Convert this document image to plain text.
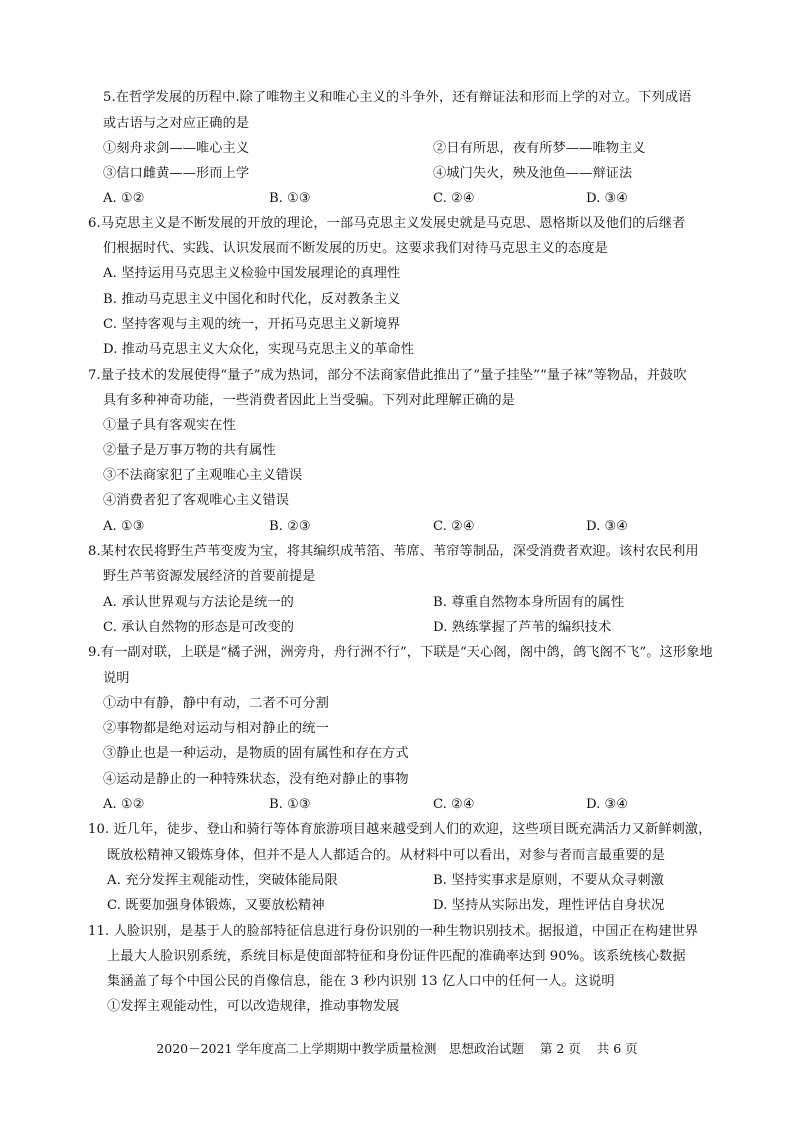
5.在哲学发展的历程中.除了唯物主义和唯心主义的斗争外，还有辩证法和形而上学的对立。下列成语
或古语与之对应正确的是
①刻舟求剑——唯心主义	②日有所思，夜有所梦——唯物主义
③信口雌黄——形而上学	④城门失火，殃及池鱼——辩证法
A. ①②	B. ①③	C. ②④	D. ③④
6.马克思主义是不断发展的开放的理论，一部马克思主义发展史就是马克思、恩格斯以及他们的后继者
们根据时代、实践、认识发展而不断发展的历史。这要求我们对待马克思主义的态度是
A. 坚持运用马克思主义检验中国发展理论的真理性
B. 推动马克思主义中国化和时代化，反对教条主义
C. 坚持客观与主观的统一，开拓马克思主义新境界
D. 推动马克思主义大众化，实现马克思主义的革命性
7.量子技术的发展使得“量子”成为热词，部分不法商家借此推出了“量子挂坠”“量子袜”等物品，并鼓吹
具有多种神奇功能，一些消费者因此上当受骗。下列对此理解正确的是
①量子具有客观实在性
②量子是万事万物的共有属性
③不法商家犯了主观唯心主义错误
④消费者犯了客观唯心主义错误
A. ①③	B. ②③	C. ②④	D. ③④
8.某村农民将野生芦苇变废为宝，将其编织成苇箔、苇席、苇帘等制品，深受消费者欢迎。该村农民利用
野生芦苇资源发展经济的首要前提是
A. 承认世界观与方法论是统一的	B. 尊重自然物本身所固有的属性
C. 承认自然物的形态是可改变的	D. 熟练掌握了芦苇的编织技术
9.有一副对联，上联是“橘子洲，洲旁舟，舟行洲不行”，下联是“天心阁，阁中鸽，鸽飞阁不飞”。这形象地
说明
①动中有静，静中有动，二者不可分割
②事物都是绝对运动与相对静止的统一
③静止也是一种运动，是物质的固有属性和存在方式
④运动是静止的一种特殊状态，没有绝对静止的事物
A. ①②	B. ①③	C. ②④	D. ③④
10. 近几年，徒步、登山和骑行等体育旅游项目越来越受到人们的欢迎，这些项目既充满活力又新鲜刺激，
既放松精神又锻炼身体，但并不是人人都适合的。从材料中可以看出，对参与者而言最重要的是
A. 充分发挥主观能动性，突破体能局限	B. 坚持实事求是原则，不要从众寻刺激
C. 既要加强身体锻炼，又要放松精神	D. 坚持从实际出发，理性评估自身状况
11. 人脸识别，是基于人的脸部特征信息进行身份识别的一种生物识别技术。据报道，中国正在构建世界
上最大人脸识别系统，系统目标是使面部特征和身份证件匹配的准确率达到 90%。该系统核心数据
集涵盖了每个中国公民的肖像信息，能在 3 秒内识别 13 亿人口中的任何一人。这说明
①发挥主观能动性，可以改造规律，推动事物发展
2020－2021 学年度高二上学期期中教学质量检测　思想政治试题 第 2 页 共 6 页
